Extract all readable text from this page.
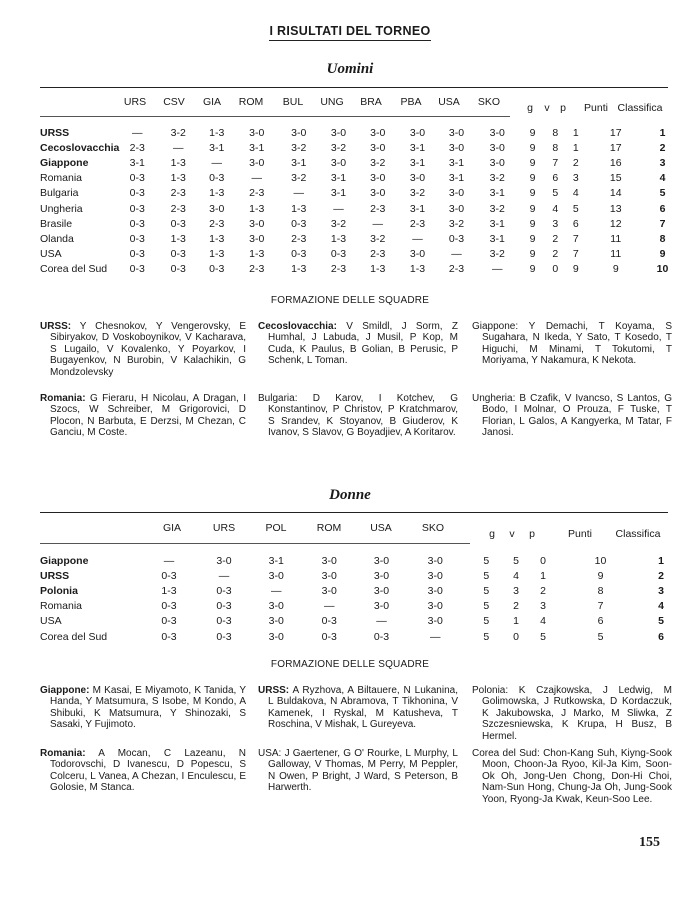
I RISULTATI DEL TORNEO
Uomini
URS CSV GIA ROM BUL UNG BRA PBA USA SKO	g v p Punti Classifica
URSS	—	3-2	1-3	3-0	3-0	3-0	3-0	3-0	3-0	3-0	9	8	1	17	1
Cecoslovacchia	2-3	—	3-1	3-1	3-2	3-2	3-0	3-1	3-0	3-0	9	8	1	17	2
Giappone	3-1	1-3	—	3-0	3-1	3-0	3-2	3-1	3-1	3-0	9	7	2	16	3
Romania	0-3	1-3	0-3	—	3-2	3-1	3-0	3-0	3-1	3-2	9	6	3	15	4
Bulgaria	0-3	2-3	1-3	2-3	—	3-1	3-0	3-2	3-0	3-1	9	5	4	14	5
Ungheria	0-3	2-3	3-0	1-3	1-3	—	2-3	3-1	3-0	3-2	9	4	5	13	6
Brasile	0-3	0-3	2-3	3-0	0-3	3-2	—	2-3	3-2	3-1	9	3	6	12	7
Olanda	0-3	1-3	1-3	3-0	2-3	1-3	3-2	—	0-3	3-1	9	2	7	11	8
USA	0-3	0-3	1-3	1-3	0-3	0-3	2-3	3-0	—	3-2	9	2	7	11	9
Corea del Sud	0-3	0-3	0-3	2-3	1-3	2-3	1-3	1-3	2-3	—	9	0	9	9	10
FORMAZIONE DELLE SQUADRE
URSS: Y Chesnokov, Y Vengerovsky, E Sibiryakov, D Voskoboynikov, V Kacharava, S Lugailo, V Kovalenko, Y Poyarkov, I Bugayenkov, N Burobin, V Kalachikin, G Mondzolevsky
Cecoslovacchia: V Smildl, J Sorm, Z Humhal, J Labuda, J Musil, P Kop, M Cuda, K Paulus, B Golian, B Perusic, P Schenk, L Toman.
Giappone: Y Demachi, T Koyama, S Sugahara, N Ikeda, Y Sato, T Kosedo, T Higuchi, M Minami, T Tokutomi, T Moriyama, Y Nakamura, K Nekota.
Romania: G Fieraru, H Nicolau, A Dragan, I Szocs, W Schreiber, M Grigorovici, D Plocon, N Barbuta, E Derzsi, M Chezan, C Ganciu, M Coste.
Bulgaria: D Karov, I Kotchev, G Konstantinov, P Christov, P Kratchmarov, S Srandev, K Stoyanov, B Giuderov, K Ivanov, S Slavov, G Boyadjiev, A Koritarov.
Ungheria: B Czafik, V Ivancso, S Lantos, G Bodo, I Molnar, O Prouza, F Tuske, T Florian, L Galos, A Kangyerka, M Tatar, F Janosi.
Donne
GIA	URS	POL	ROM	USA	SKO	g v p	Punti Classifica
Giappone	—	3-0	3-1	3-0	3-0	3-0	5	5	0	10	1
URSS	0-3	—	3-0	3-0	3-0	3-0	5	4	1	9	2
Polonia	1-3	0-3	—	3-0	3-0	3-0	5	3	2	8	3
Romania	0-3	0-3	3-0	—	3-0	3-0	5	2	3	7	4
USA	0-3	0-3	3-0	0-3	—	3-0	5	1	4	6	5
Corea del Sud	0-3	0-3	3-0	0-3	0-3	—	5	0	5	5	6
FORMAZIONE DELLE SQUADRE
Giappone: M Kasai, E Miyamoto, K Tanida, Y Handa, Y Matsumura, S Isobe, M Kondo, A Shibuki, K Matsumura, Y Shinozaki, S Sasaki, Y Fujimoto.
URSS: A Ryzhova, A Biltauere, N Lukanina, L Buldakova, N Abramova, T Tikhonina, V Kamenek, I Ryskal, M Katusheva, T Roschina, V Mishak, L Gureyeva.
Polonia: K Czajkowska, J Ledwig, M Golimowska, J Rutkowska, D Kordaczuk, K Jakubowska, J Marko, M Sliwka, Z Szczesniewska, K Krupa, H Busz, B Hermel.
Romania: A Mocan, C Lazeanu, N Todorovschi, D Ivanescu, D Popescu, S Colceru, L Vanea, A Chezan, I Enculescu, E Golosie, M Stanca.
USA: J Gaertener, G O' Rourke, L Murphy, L Galloway, V Thomas, M Perry, M Peppler, N Owen, P Bright, J Ward, S Peterson, B Harwerth.
Corea del Sud: Chon-Kang Suh, Kiyng-Sook Moon, Choon-Ja Ryoo, Kil-Ja Kim, Soon-Ok Oh, Jong-Uen Chong, Don-Hi Choi, Nam-Sun Hong, Chung-Ja Oh, Jung-Sook Yoon, Ryong-Ja Kwak, Keun-Soo Lee.
155
